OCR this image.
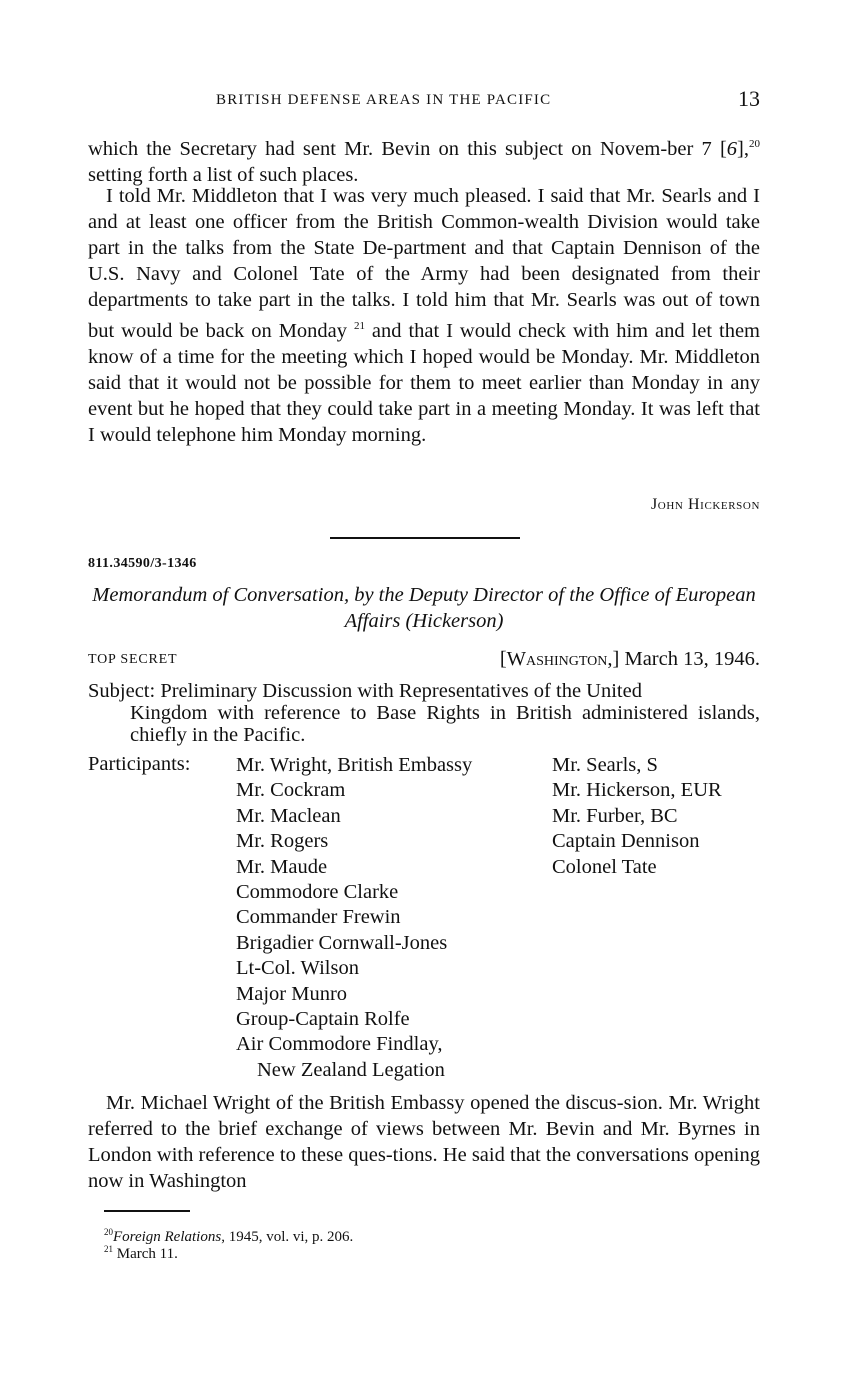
BRITISH DEFENSE AREAS IN THE PACIFIC	13
which the Secretary had sent Mr. Bevin on this subject on Novem-ber 7 [6],$^{20}$ setting forth a list of such places.
I told Mr. Middleton that I was very much pleased. I said that Mr. Searls and I and at least one officer from the British Common-wealth Division would take part in the talks from the State De-partment and that Captain Dennison of the U.S. Navy and Colonel Tate of the Army had been designated from their departments to take part in the talks. I told him that Mr. Searls was out of town but would be back on Monday $^{21}$ and that I would check with him and let them know of a time for the meeting which I hoped would be Monday. Mr. Middleton said that it would not be possible for them to meet earlier than Monday in any event but he hoped that they could take part in a meeting Monday. It was left that I would telephone him Monday morning.
John Hickerson
811.34590/3-1346
Memorandum of Conversation, by the Deputy Director of the Office of European Affairs (Hickerson)
TOP SECRET	[Washington,] March 13, 1946.
Subject: Preliminary Discussion with Representatives of the United
Kingdom with reference to Base Rights in British administered islands, chiefly in the Pacific.
Participants: Mr. Wright, British Embassy
Mr. Cockram
Mr. Maclean
Mr. Rogers
Mr. Maude
Commodore Clarke
Commander Frewin
Brigadier Cornwall-Jones
Lt-Col. Wilson
Major Munro
Group-Captain Rolfe
Air Commodore Findlay,
New Zealand Legation
Mr. Searls, S
Mr. Hickerson, EUR
Mr. Furber, BC
Captain Dennison
Colonel Tate
Mr. Michael Wright of the British Embassy opened the discus-sion. Mr. Wright referred to the brief exchange of views between Mr. Bevin and Mr. Byrnes in London with reference to these ques-tions. He said that the conversations opening now in Washington
$^{20}$Foreign Relations, 1945, vol. vi, p. 206.
$^{21}$ March 11.
